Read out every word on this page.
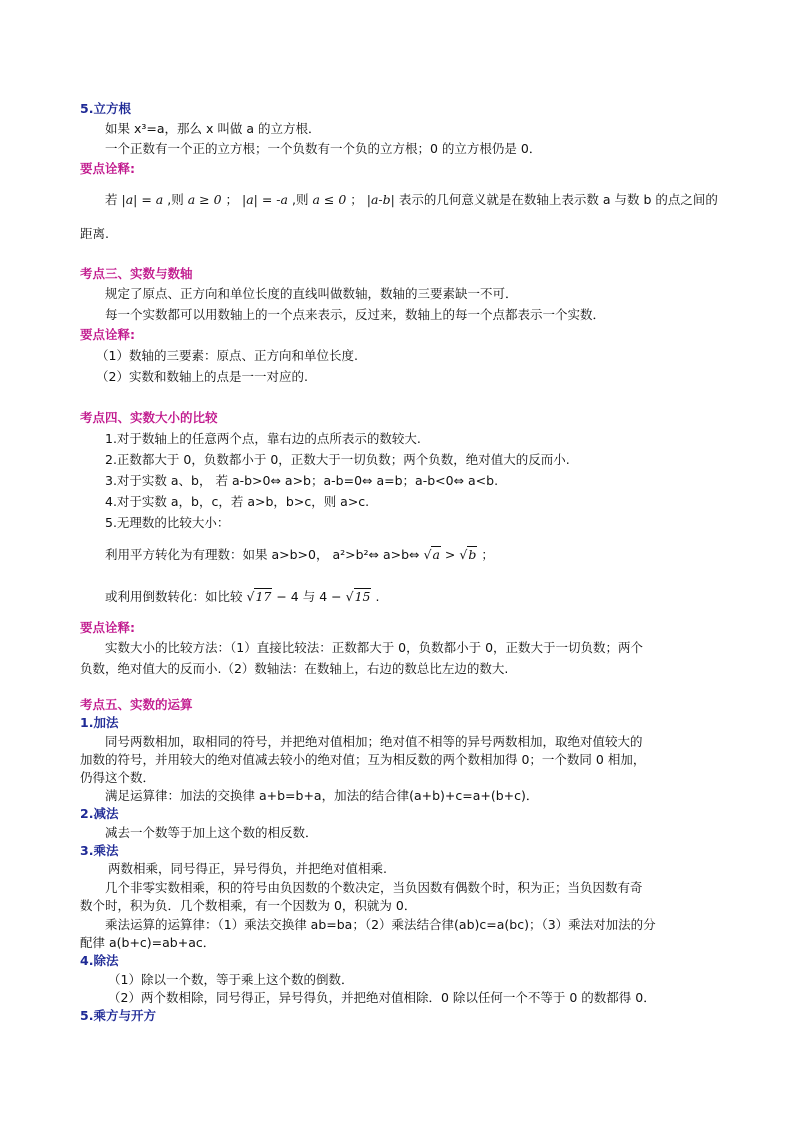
5.立方根
如果 x³=a，那么 x 叫做 a 的立方根．
一个正数有一个正的立方根；一个负数有一个负的立方根；0 的立方根仍是 0．
要点诠释:
若 |a| = a ,则 a ≥ 0 ； |a| = -a ,则 a ≤ 0 ； |a-b| 表示的几何意义就是在数轴上表示数 a 与数 b 的点之间的
距离.
考点三、实数与数轴
规定了原点、正方向和单位长度的直线叫做数轴，数轴的三要素缺一不可．
每一个实数都可以用数轴上的一个点来表示，反过来，数轴上的每一个点都表示一个实数．
要点诠释:
（1）数轴的三要素：原点、正方向和单位长度.
（2）实数和数轴上的点是一一对应的.
考点四、实数大小的比较
1.对于数轴上的任意两个点，靠右边的点所表示的数较大.
2.正数都大于 0，负数都小于 0，正数大于一切负数；两个负数，绝对值大的反而小.
3.对于实数 a、b， 若 a-b>0⇔ a>b；a-b=0⇔ a=b；a-b<0⇔ a<b.
4.对于实数 a，b，c，若 a>b，b>c，则 a>c.
5.无理数的比较大小：
利用平方转化为有理数：如果 a>b>0， a²>b²⇔ a>b⇔ √a > √b ；
或利用倒数转化：如比较 √17 − 4 与 4 − √15 .
要点诠释:
实数大小的比较方法：（1）直接比较法：正数都大于 0，负数都小于 0，正数大于一切负数；两个
负数，绝对值大的反而小.（2）数轴法：在数轴上，右边的数总比左边的数大.
考点五、实数的运算
1.加法
同号两数相加，取相同的符号，并把绝对值相加；绝对值不相等的异号两数相加，取绝对值较大的
加数的符号，并用较大的绝对值减去较小的绝对值；互为相反数的两个数相加得 0；一个数同 0 相加，
仍得这个数．
满足运算律：加法的交换律 a+b=b+a，加法的结合律(a+b)+c=a+(b+c)．
2.减法
减去一个数等于加上这个数的相反数．
3.乘法
两数相乘，同号得正，异号得负，并把绝对值相乘.
几个非零实数相乘，积的符号由负因数的个数决定，当负因数有偶数个时，积为正；当负因数有奇
数个时，积为负．几个数相乘，有一个因数为 0，积就为 0．
乘法运算的运算律：（1）乘法交换律 ab=ba；（2）乘法结合律(ab)c=a(bc)；（3）乘法对加法的分
配律 a(b+c)=ab+ac．
4.除法
（1）除以一个数，等于乘上这个数的倒数．
（2）两个数相除，同号得正，异号得负，并把绝对值相除．0 除以任何一个不等于 0 的数都得 0．
5.乘方与开方
